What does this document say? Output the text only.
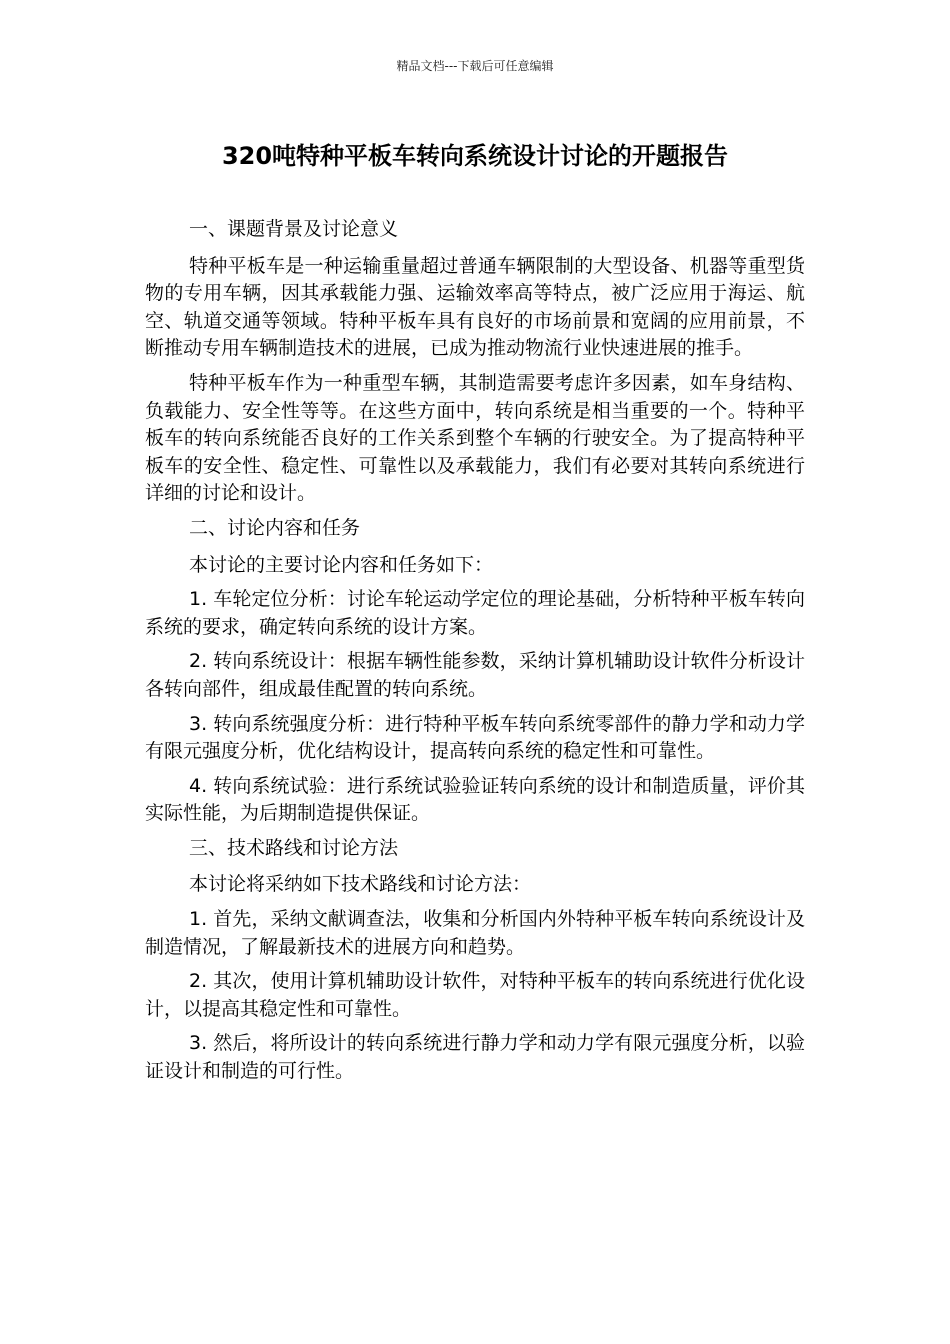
精品文档---下载后可任意编辑
320吨特种平板车转向系统设计讨论的开题报告

一、课题背景及讨论意义

特种平板车是一种运输重量超过普通车辆限制的大型设备、机器等重型货物的专用车辆，因其承载能力强、运输效率高等特点，被广泛应用于海运、航空、轨道交通等领域。特种平板车具有良好的市场前景和宽阔的应用前景，不断推动专用车辆制造技术的进展，已成为推动物流行业快速进展的推手。

特种平板车作为一种重型车辆，其制造需要考虑许多因素，如车身结构、负载能力、安全性等等。在这些方面中，转向系统是相当重要的一个。特种平板车的转向系统能否良好的工作关系到整个车辆的行驶安全。为了提高特种平板车的安全性、稳定性、可靠性以及承载能力，我们有必要对其转向系统进行详细的讨论和设计。

二、讨论内容和任务

本讨论的主要讨论内容和任务如下：

1. 车轮定位分析：讨论车轮运动学定位的理论基础，分析特种平板车转向系统的要求，确定转向系统的设计方案。

2. 转向系统设计：根据车辆性能参数，采纳计算机辅助设计软件分析设计各转向部件，组成最佳配置的转向系统。

3. 转向系统强度分析：进行特种平板车转向系统零部件的静力学和动力学有限元强度分析，优化结构设计，提高转向系统的稳定性和可靠性。

4. 转向系统试验：进行系统试验验证转向系统的设计和制造质量，评价其实际性能，为后期制造提供保证。

三、技术路线和讨论方法

本讨论将采纳如下技术路线和讨论方法：

1. 首先，采纳文献调查法，收集和分析国内外特种平板车转向系统设计及制造情况，了解最新技术的进展方向和趋势。

2. 其次，使用计算机辅助设计软件，对特种平板车的转向系统进行优化设计，以提高其稳定性和可靠性。

3. 然后，将所设计的转向系统进行静力学和动力学有限元强度分析，以验证设计和制造的可行性。
